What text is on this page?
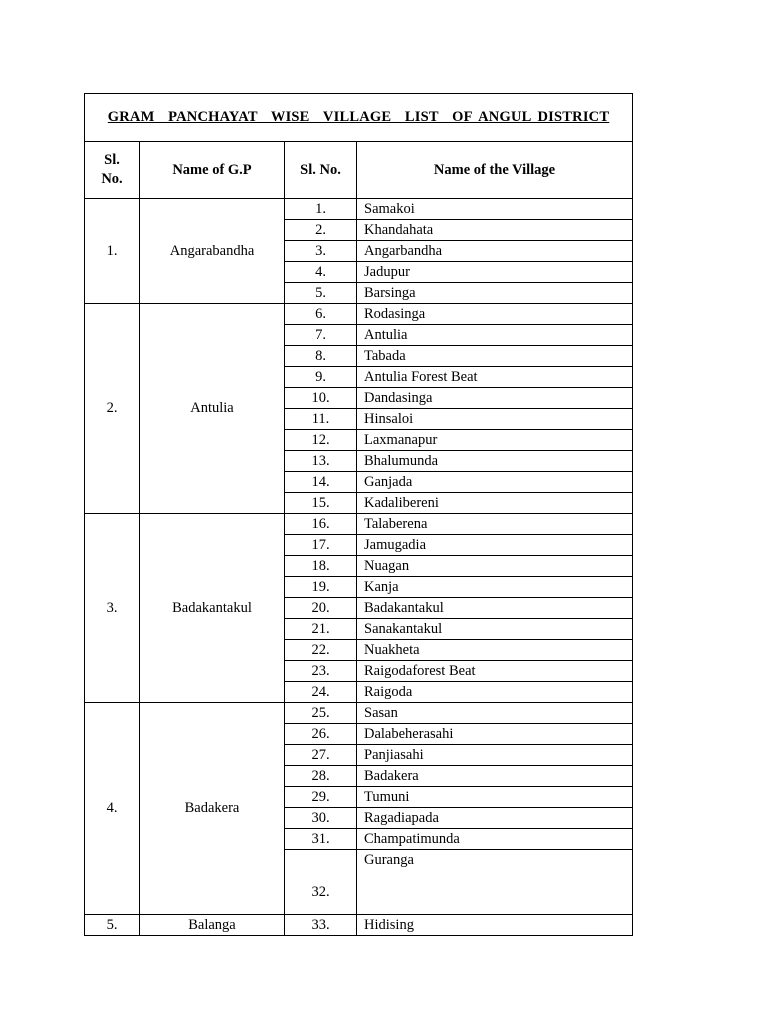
GRAM  PANCHAYAT  WISE  VILLAGE  LIST  OF ANGUL DISTRICT			
Sl. No.	Name of G.P	Sl. No.	Name of the Village
1.	Angarabandha	1.	Samakoi
		2.	Khandahata
		3.	Angarbandha
		4.	Jadupur
		5.	Barsinga
2.	Antulia	6.	Rodasinga
		7.	Antulia
		8.	Tabada
		9.	Antulia Forest Beat
		10.	Dandasinga
		11.	Hinsaloi
		12.	Laxmanapur
		13.	Bhalumunda
		14.	Ganjada
		15.	Kadalibereni
3.	Badakantakul	16.	Talaberena
		17.	Jamugadia
		18.	Nuagan
		19.	Kanja
		20.	Badakantakul
		21.	Sanakantakul
		22.	Nuakheta
		23.	Raigodaforest Beat
		24.	Raigoda
4.	Badakera	25.	Sasan
		26.	Dalabeherasahi
		27.	Panjiasahi
		28.	Badakera
		29.	Tumuni
		30.	Ragadiapada
		31.	Champatimunda
		32.	Guranga
5.	Balanga	33.	Hidising
